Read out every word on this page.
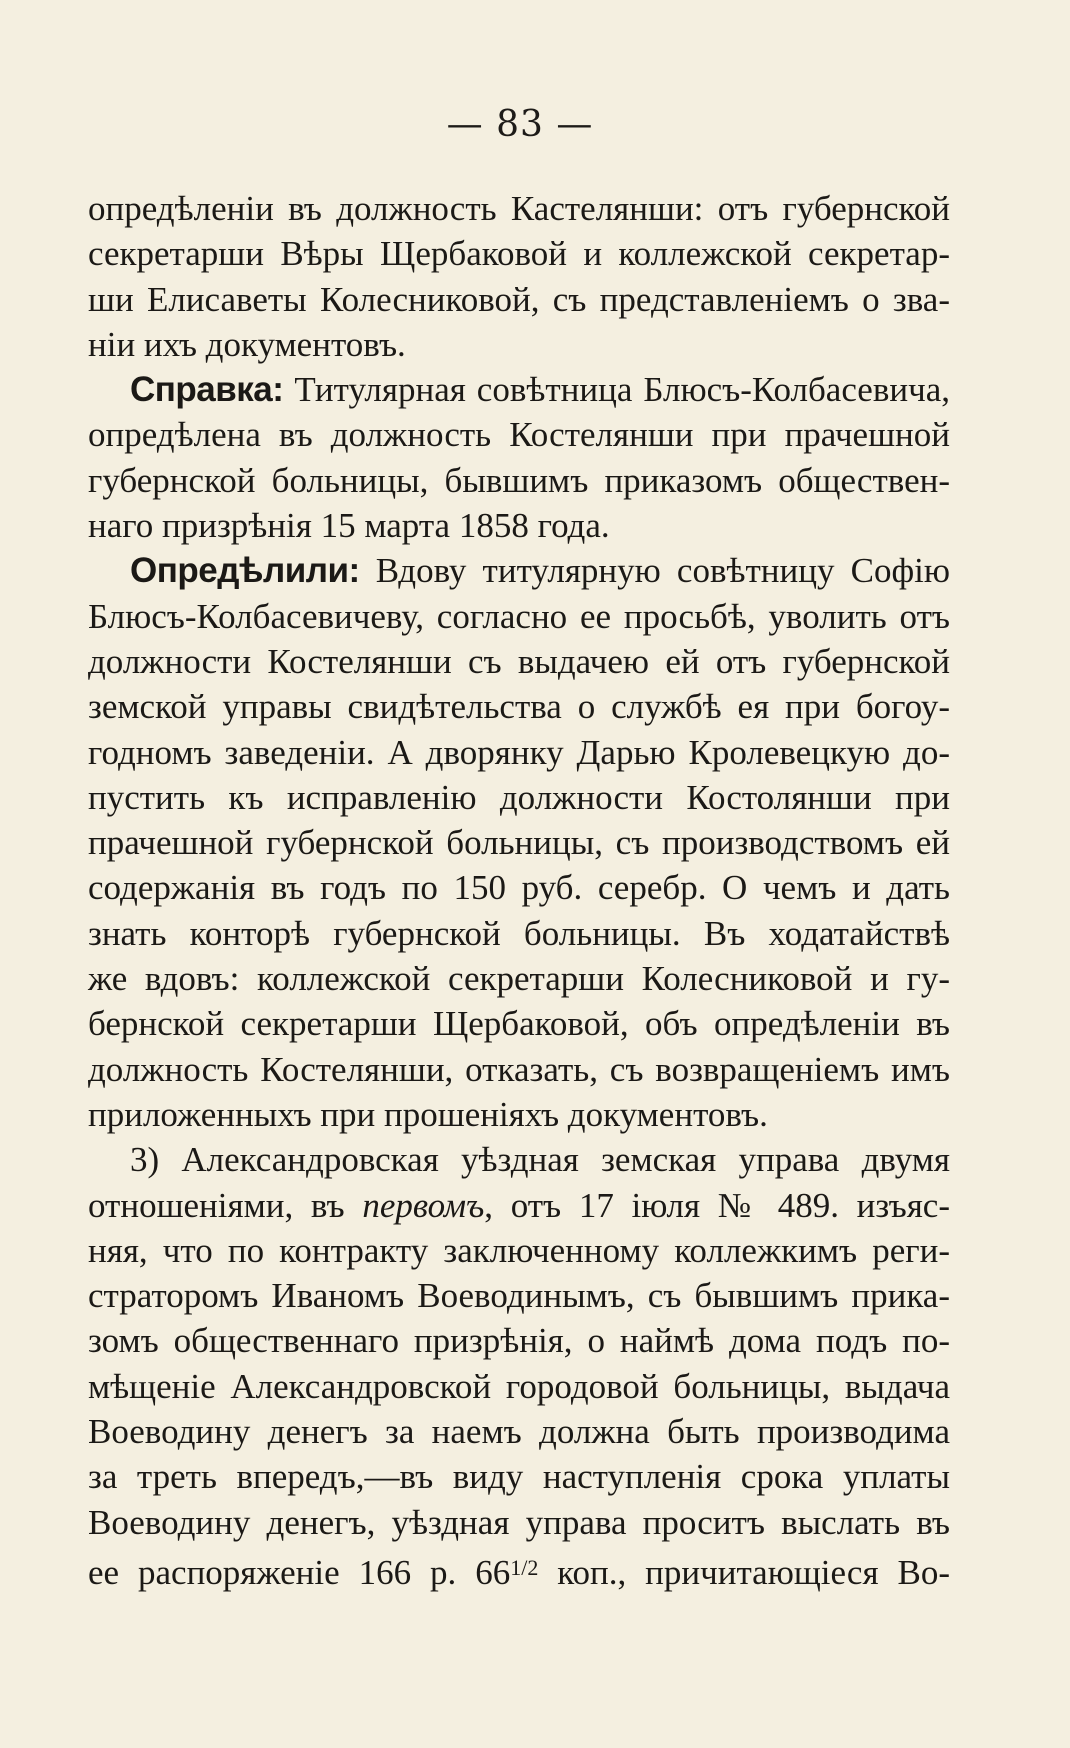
— 83 —
опредѣленіи въ должность Кастелянши: отъ губернской
секретарши Вѣры Щербаковой и коллежской секретар-
ши Елисаветы Колесниковой, съ представленіемъ о зва-
ніи ихъ документовъ.
Справка: Титулярная совѣтница Блюсъ-Колбасевича,
опредѣлена въ должность Костелянши при прачешной
губернской больницы, бывшимъ приказомъ обществен-
наго призрѣнія 15 марта 1858 года.
Опредѣлили: Вдову титулярную совѣтницу Софію
Блюсъ-Колбасевичеву, согласно ее просьбѣ, уволить отъ
должности Костелянши съ выдачею ей отъ губернской
земской управы свидѣтельства о службѣ ея при богоу-
годномъ заведеніи. А дворянку Дарью Кролевецкую до-
пустить къ исправленію должности Костолянши при
прачешной губернской больницы, съ производствомъ ей
содержанія въ годъ по 150 руб. серебр. О чемъ и дать
знать конторѣ губернской больницы. Въ ходатайствѣ
же вдовъ: коллежской секретарши Колесниковой и гу-
бернской секретарши Щербаковой, объ опредѣленіи въ
должность Костелянши, отказать, съ возвращеніемъ имъ
приложенныхъ при прошеніяхъ документовъ.
3) Александровская уѣздная земская управа двумя
отношеніями, въ первомъ, отъ 17 іюля № 489. изъяс-
няя, что по контракту заключенному коллежкимъ реги-
страторомъ Иваномъ Воеводинымъ, съ бывшимъ прика-
зомъ общественнаго призрѣнія, о наймѣ дома подъ по-
мѣщеніе Александровской городовой больницы, выдача
Воеводину денегъ за наемъ должна быть производима
за треть впередъ,—въ виду наступленія срока уплаты
Воеводину денегъ, уѣздная управа проситъ выслать въ
ее распоряженіе 166 р. $66^{1/2}$ коп., причитающіеся Во-
